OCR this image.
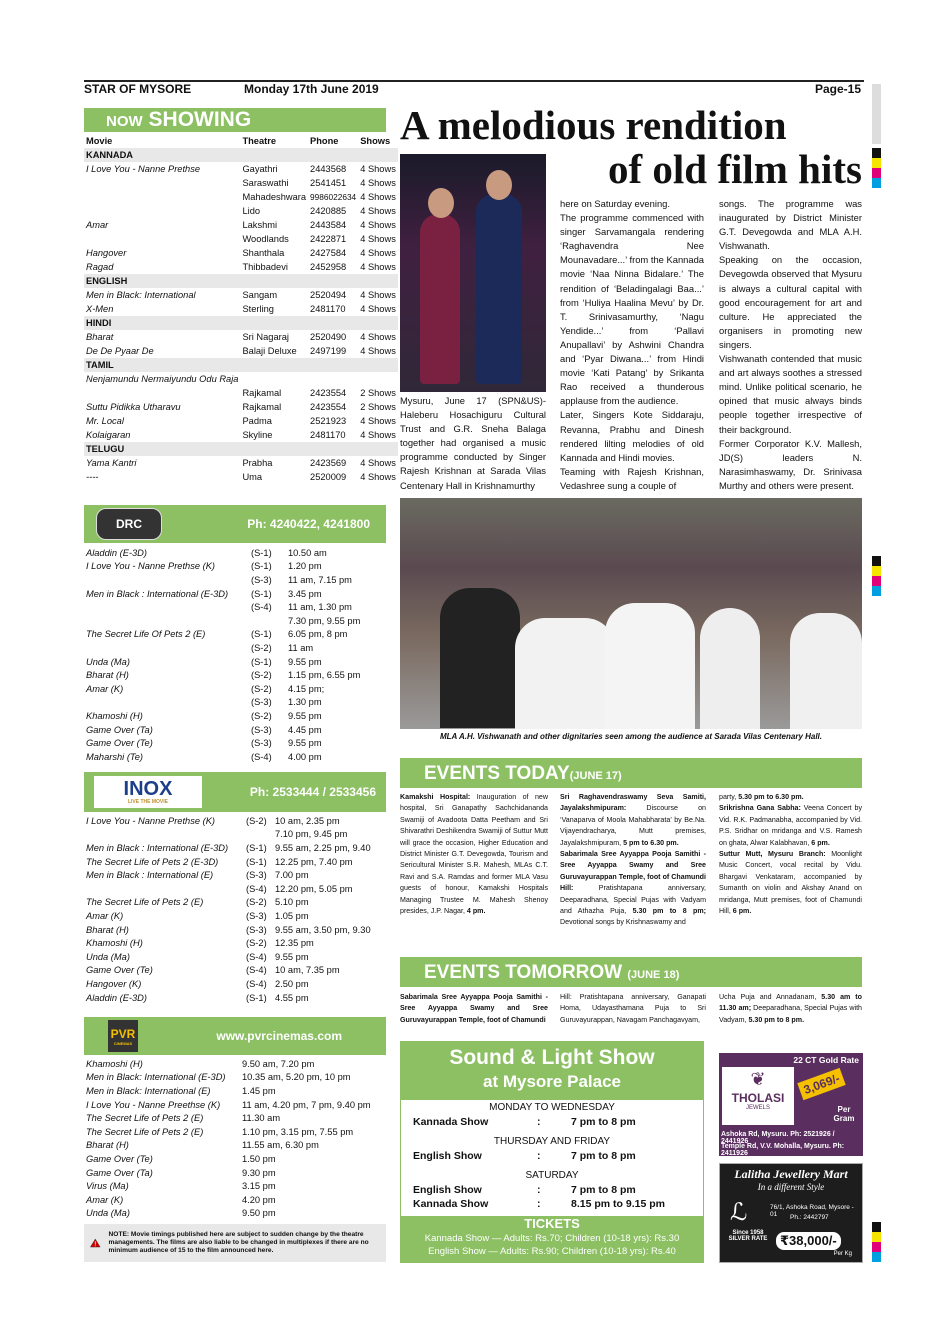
STAR OF MYSORE	Monday 17th June 2019	Page-15
NOW SHOWING
Movie	Theatre	Phone	Shows
KANNADA			
I Love You - Nanne Prethse	Gayathri	2443568	4 Shows
	Saraswathi	2541451	4 Shows
	Mahadeshwara	9986022634	4 Shows
	Lido	2420885	4 Shows
Amar	Lakshmi	2443584	4 Shows
	Woodlands	2422871	4 Shows
Hangover	Shanthala	2427584	4 Shows
Ragad	Thibbadevi	2452958	4 Shows
ENGLISH			
Men in Black: International	Sangam	2520494	4 Shows
X-Men	Sterling	2481170	4 Shows
HINDI			
Bharat	Sri Nagaraj	2520490	4 Shows
De De Pyaar De	Balaji Deluxe	2497199	4 Shows
TAMIL			
Nenjamundu Nermaiyundu Odu Raja			
	Rajkamal	2423554	2 Shows
Suttu Pidikka Utharavu	Rajkamal	2423554	2 Shows
Mr. Local	Padma	2521923	4 Shows
Kolaigaran	Skyline	2481170	4 Shows
TELUGU			
Yama Kantri	Prabha	2423569	4 Shows
----	Uma	2520009	4 Shows
DRC	Ph: 4240422, 4241800
Aladdin (E-3D)	(S-1)	10.50 am
I Love You - Nanne Prethse (K)	(S-1)	1.20 pm
	(S-3)	11 am, 7.15 pm
Men in Black : International (E-3D)	(S-1)	3.45 pm
	(S-4)	11 am, 1.30 pm
		7.30 pm, 9.55 pm
The Secret Life Of Pets 2 (E)	(S-1)	6.05 pm, 8 pm
	(S-2)	11 am
Unda (Ma)	(S-1)	9.55 pm
Bharat (H)	(S-2)	1.15 pm, 6.55 pm
Amar (K)	(S-2)	4.15 pm;
	(S-3)	1.30 pm
Khamoshi (H)	(S-2)	9.55 pm
Game Over (Ta)	(S-3)	4.45 pm
Game Over (Te)	(S-3)	9.55 pm
Maharshi (Te)	(S-4)	4.00 pm
INOX
LIVE THE MOVIE
Ph: 2533444 / 2533456
I Love You - Nanne Prethse (K)	(S-2)	10 am, 2.35 pm
		7.10 pm, 9.45 pm
Men in Black : International (E-3D)	(S-1)	9.55 am, 2.25 pm, 9.40
The Secret Life of Pets 2 (E-3D)	(S-1)	12.25 pm, 7.40 pm
Men in Black : International (E)	(S-3)	7.00 pm
	(S-4)	12.20 pm, 5.05 pm
The Secret Life of Pets 2 (E)	(S-2)	5.10 pm
Amar (K)	(S-3)	1.05 pm
Bharat (H)	(S-3)	9.55 am, 3.50 pm, 9.30
Khamoshi (H)	(S-2)	12.35 pm
Unda (Ma)	(S-4)	9.55 pm
Game Over (Te)	(S-4)	10 am, 7.35 pm
Hangover (K)	(S-4)	2.50 pm
Aladdin (E-3D)	(S-1)	4.55 pm
PVR
CINEMAS	www.pvrcinemas.com
Khamoshi (H)	9.50 am, 7.20 pm
Men in Black: International (E-3D)	10.35 am, 5.20 pm, 10 pm
Men in Black: International (E)	1.45 pm
I Love You - Nanne Preethse (K)	11 am, 4.20 pm, 7 pm, 9.40 pm
The Secret Life of Pets 2 (E)	11.30 am
The Secret Life of Pets 2 (E)	1.10 pm, 3.15 pm, 7.55 pm
Bharat (H)	11.55 am, 6.30 pm
Game Over (Te)	1.50 pm
Game Over (Ta)	9.30 pm
Virus (Ma)	3.15 pm
Amar (K)	4.20 pm
Unda (Ma)	9.50 pm

NOTE: Movie timings published here are subject to sudden change by the theatre managements. The films are also liable to be changed in multiplexes if there are no minimum audience of 15 to the film announced here.

A melodious rendition
of old film hits
Mysuru, June 17 (SPN&US)- Haleberu Hosachiguru Cultural Trust and G.R. Sneha Balaga together had organised a music programme conducted by Singer Rajesh Krishnan at Sarada Vilas Centenary Hall in Krishnamurthy
here on Saturday evening.
The programme commenced with singer Sarvamangala rendering ‘Raghavendra Nee Mounavadare...’ from the Kannada movie ‘Naa Ninna Bidalare.’ The rendition of ‘Beladingalagi Baa...’ from ‘Huliya Haalina Mevu’ by Dr. T. Srinivasamurthy, ‘Nagu Yendide...’ from ‘Pallavi Anupallavi’ by Ashwini Chandra and ‘Pyar Diwana...’ from Hindi movie ‘Kati Patang’ by Srikanta Rao received a thunderous applause from the audience.
Later, Singers Kote Siddaraju, Revanna, Prabhu and Dinesh rendered lilting melodies of old Kannada and Hindi movies.
Teaming with Rajesh Krishnan, Vedashree sung a couple of
songs. The programme was inaugurated by District Minister G.T. Devegowda and MLA A.H. Vishwanath.
Speaking on the occasion, Devegowda observed that Mysuru is always a cultural capital with good encouragement for art and culture. He appreciated the organisers in promoting new singers.
Vishwanath contended that music and art always soothes a stressed mind. Unlike political scenario, he opined that music always binds people together irrespective of their background.
Former Corporator K.V. Mallesh, JD(S) leaders N. Narasimhaswamy, Dr. Srinivasa Murthy and others were present.
MLA A.H. Vishwanath and other dignitaries seen among the audience at Sarada Vilas Centenary Hall.
EVENTS TODAY(JUNE 17)
Kamakshi Hospital: Inauguration of new hospital, Sri Ganapathy Sachchidananda Swamiji of Avadoota Datta Peetham and Sri Shivarathri Deshikendra Swamiji of Suttur Mutt will grace the occasion, Higher Education and District Minister G.T. Devegowda, Tourism and Sericultural Minister S.R. Mahesh, MLAs C.T. Ravi and S.A. Ramdas and former MLA Vasu guests of honour, Kamakshi Hospitals Managing Trustee M. Mahesh Shenoy presides, J.P. Nagar, 4 pm.
Sri Raghavendraswamy Seva Samiti, Jayalakshmipuram: Discourse on ‘Vanaparva of Moola Mahabharata’ by Be.Na. Vijayendracharya, Mutt premises, Jayalakshmipuram, 5 pm to 6.30 pm.
Sabarimala Sree Ayyappa Pooja Samithi - Sree Ayyappa Swamy and Sree Guruvayurappan Temple, foot of Chamundi Hill: Pratishtapana anniversary, Deeparadhana, Special Pujas with Vadyam and Athazha Puja, 5.30 pm to 8 pm; Devotional songs by Krishnaswamy and
party, 5.30 pm to 6.30 pm.
Srikrishna Gana Sabha: Veena Concert by Vid. R.K. Padmanabha, accompanied by Vid. P.S. Sridhar on mridanga and V.S. Ramesh on ghata, Alwar Kalabhavan, 6 pm.
Suttur Mutt, Mysuru Branch: Moonlight Music Concert, vocal recital by Vidu. Bhargavi Venkataram, accompanied by Sumanth on violin and Akshay Anand on mridanga, Mutt premises, foot of Chamundi Hill, 6 pm.
EVENTS TOMORROW (JUNE 18)
Sabarimala Sree Ayyappa Pooja Samithi - Sree Ayyappa Swamy and Sree Guruvayurappan Temple, foot of Chamundi
Hill: Pratishtapana anniversary, Ganapati Homa, Udayasthamana Puja to Sri Guruvayurappan, Navagam Panchagavyam,
Ucha Puja and Annadanam, 5.30 am to 11.30 am; Deeparadhana, Special Pujas with Vadyam, 5.30 pm to 8 pm.
Sound & Light Show
at Mysore Palace
MONDAY TO WEDNESDAY
Kannada Show	:	7 pm to 8 pm
THURSDAY AND FRIDAY
English Show	:	7 pm to 8 pm
SATURDAY
English Show	:	7 pm to 8 pm
Kannada Show	:	8.15 pm to 9.15 pm
TICKETS
Kannada Show — Adults: Rs.70; Children (10-18 yrs): Rs.30
English Show — Adults: Rs.90; Children (10-18 yrs): Rs.40
22 CT Gold Rate
❦
THOLASI
JEWELS
3,069/-
Per Gram
Ashoka Rd, Mysuru. Ph: 2521926 / 2441926
Temple Rd, V.V. Mohalla, Mysuru. Ph: 2411926
Lalitha Jewellery Mart
In a different Style
ℒ	76/1, Ashoka Road, Mysore - 01	Ph.: 2442797
Since 1958
SILVER RATE ₹38,000/-
Per Kg
